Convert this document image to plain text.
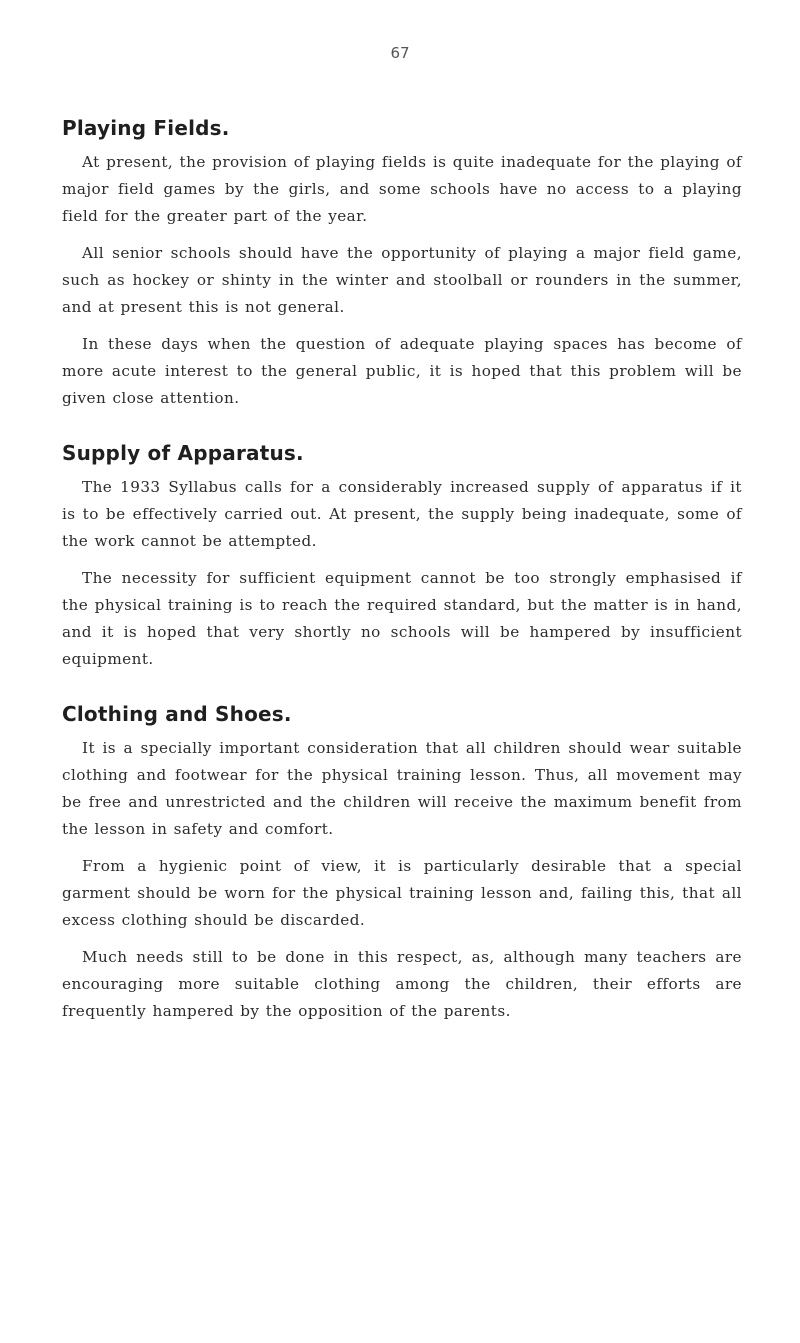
67
Playing Fields.

At present, the provision of playing fields is quite inadequate for the playing of major field games by the girls, and some schools have no access to a playing field for the greater part of the year.

All senior schools should have the opportunity of playing a major field game, such as hockey or shinty in the winter and stoolball or rounders in the summer, and at present this is not general.

In these days when the question of adequate playing spaces has become of more acute interest to the general public, it is hoped that this problem will be given close attention.

Supply of Apparatus.

The 1933 Syllabus calls for a considerably increased supply of apparatus if it is to be effectively carried out. At present, the supply being inadequate, some of the work cannot be attempted.

The necessity for sufficient equipment cannot be too strongly emphasised if the physical training is to reach the required standard, but the matter is in hand, and it is hoped that very shortly no schools will be hampered by insufficient equipment.

Clothing and Shoes.

It is a specially important consideration that all children should wear suitable clothing and footwear for the physical training lesson. Thus, all movement may be free and unrestricted and the children will receive the maximum benefit from the lesson in safety and comfort.

From a hygienic point of view, it is particularly desirable that a special garment should be worn for the physical training lesson and, failing this, that all excess clothing should be discarded.

Much needs still to be done in this respect, as, although many teachers are encouraging more suitable clothing among the children, their efforts are frequently hampered by the opposition of the parents.
